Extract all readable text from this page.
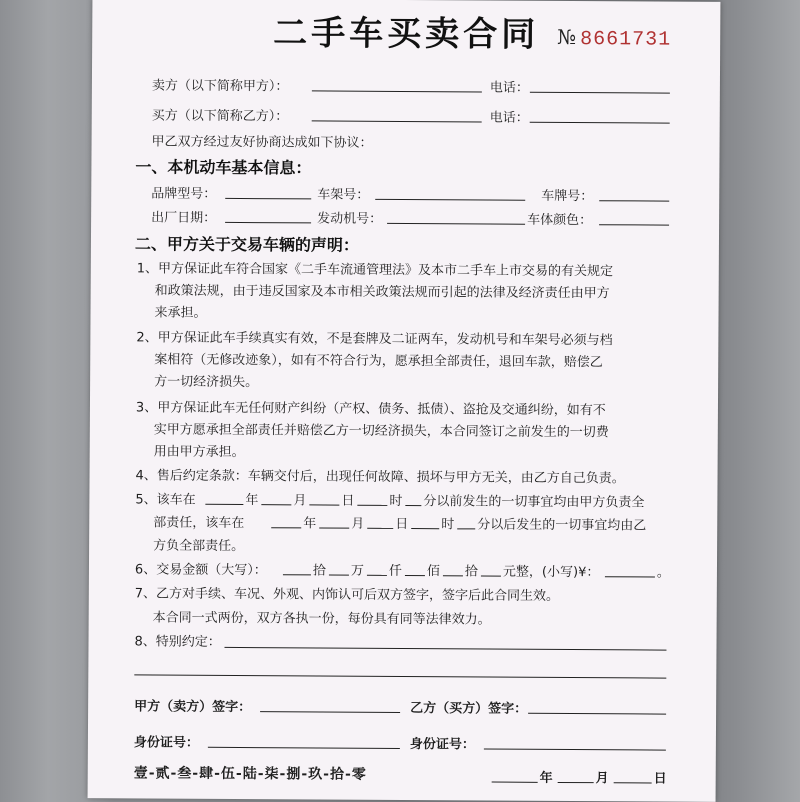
二手车买卖合同 № 8661731
卖方（以下简称甲方）：	电话：
买方（以下简称乙方）：	电话：
甲乙双方经过友好协商达成如下协议：
一、本机动车基本信息：
品牌型号：	车架号：	车牌号：
出厂日期：	发动机号：	车体颜色：
二、甲方关于交易车辆的声明：
1、甲方保证此车符合国家《二手车流通管理法》及本市二手车上市交易的有关规定
和政策法规，由于违反国家及本市相关政策法规而引起的法律及经济责任由甲方
来承担。
2、甲方保证此车手续真实有效，不是套牌及二证两车，发动机号和车架号必须与档
案相符（无修改迹象），如有不符合行为，愿承担全部责任，退回车款，赔偿乙
方一切经济损失。
3、甲方保证此车无任何财产纠纷（产权、债务、抵债）、盗抢及交通纠纷，如有不
实甲方愿承担全部责任并赔偿乙方一切经济损失，本合同签订之前发生的一切费
用由甲方承担。
4、售后约定条款：车辆交付后，出现任何故障、损坏与甲方无关，由乙方自己负责。
5、该车在	年	月	日	时 分以前发生的一切事宜均由甲方负责全
部责任，该车在	年	月 日	时 分以后发生的一切事宜均由乙
方负全部责任。
6、交易金额（大写）：	拾 万 仟 佰 拾 元整，(小写)¥：	。
7、乙方对手续、车况、外观、内饰认可后双方签字，签字后此合同生效。
本合同一式两份，双方各执一份，每份具有同等法律效力。
8、特别约定：
甲方（卖方）签字：	乙方（买方）签字：
身份证号：	身份证号：
壹-贰-叁-肆-伍-陆-柒-捌-玖-拾-零	年	月	日
